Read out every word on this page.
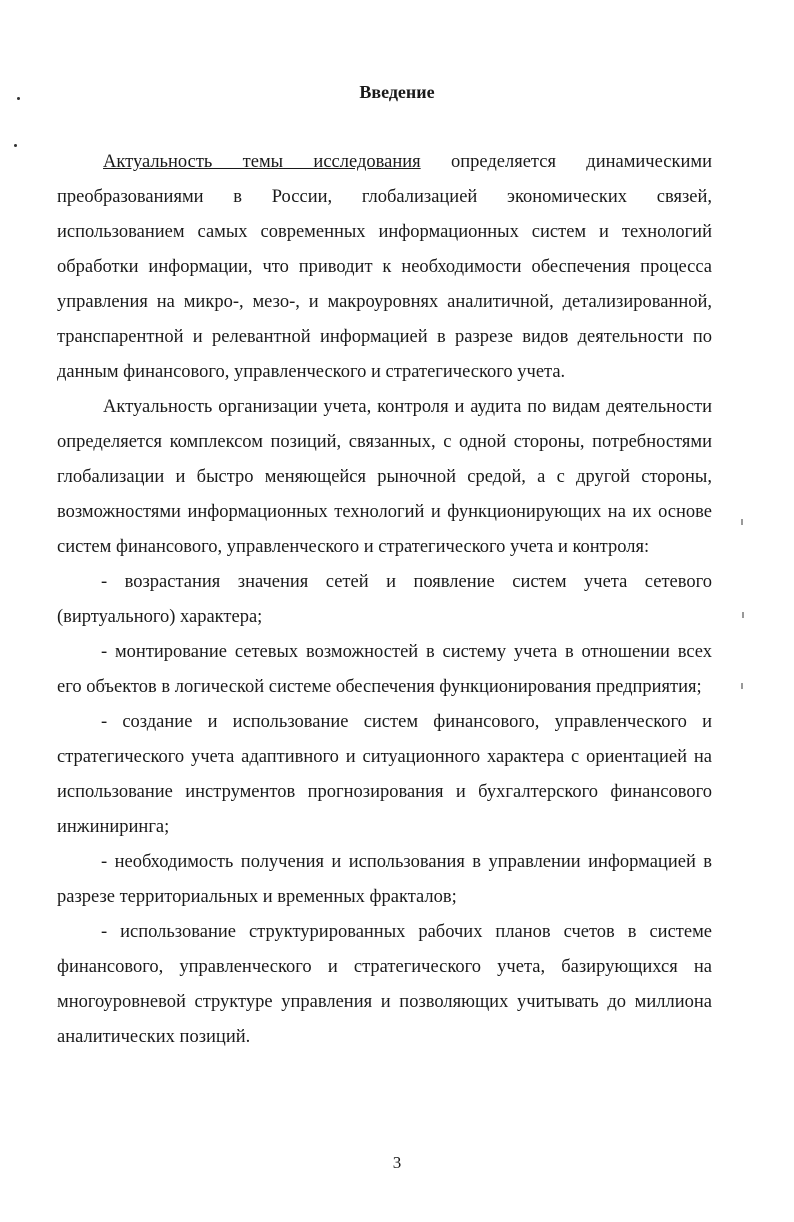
Введение

Актуальность темы исследования определяется динамическими преобразованиями в России, глобализацией экономических связей, использованием самых современных информационных систем и технологий обработки информации, что приводит к необходимости обеспечения процесса управления на микро-, мезо-, и макроуровнях аналитичной, детализированной, транспарентной и релевантной информацией в разрезе видов деятельности по данным финансового, управленческого и стратегического учета.

Актуальность организации учета, контроля и аудита по видам деятельности определяется комплексом позиций, связанных, с одной стороны, потребностями глобализации и быстро меняющейся рыночной средой, а с другой стороны, возможностями информационных технологий и функционирующих на их основе систем финансового, управленческого и стратегического учета и контроля:

- возрастания значения сетей и появление систем учета сетевого (виртуального) характера;

- монтирование сетевых возможностей в систему учета в отношении всех его объектов в логической системе обеспечения функционирования предприятия;

- создание и использование систем финансового, управленческого и стратегического учета адаптивного и ситуационного характера с ориентацией на использование инструментов прогнозирования и бухгалтерского финансового инжиниринга;

- необходимость получения и использования в управлении информацией в разрезе территориальных и временных фракталов;

- использование структурированных рабочих планов счетов в системе финансового, управленческого и стратегического учета, базирующихся на многоуровневой структуре управления и позволяющих учитывать до миллиона аналитических позиций.

3
